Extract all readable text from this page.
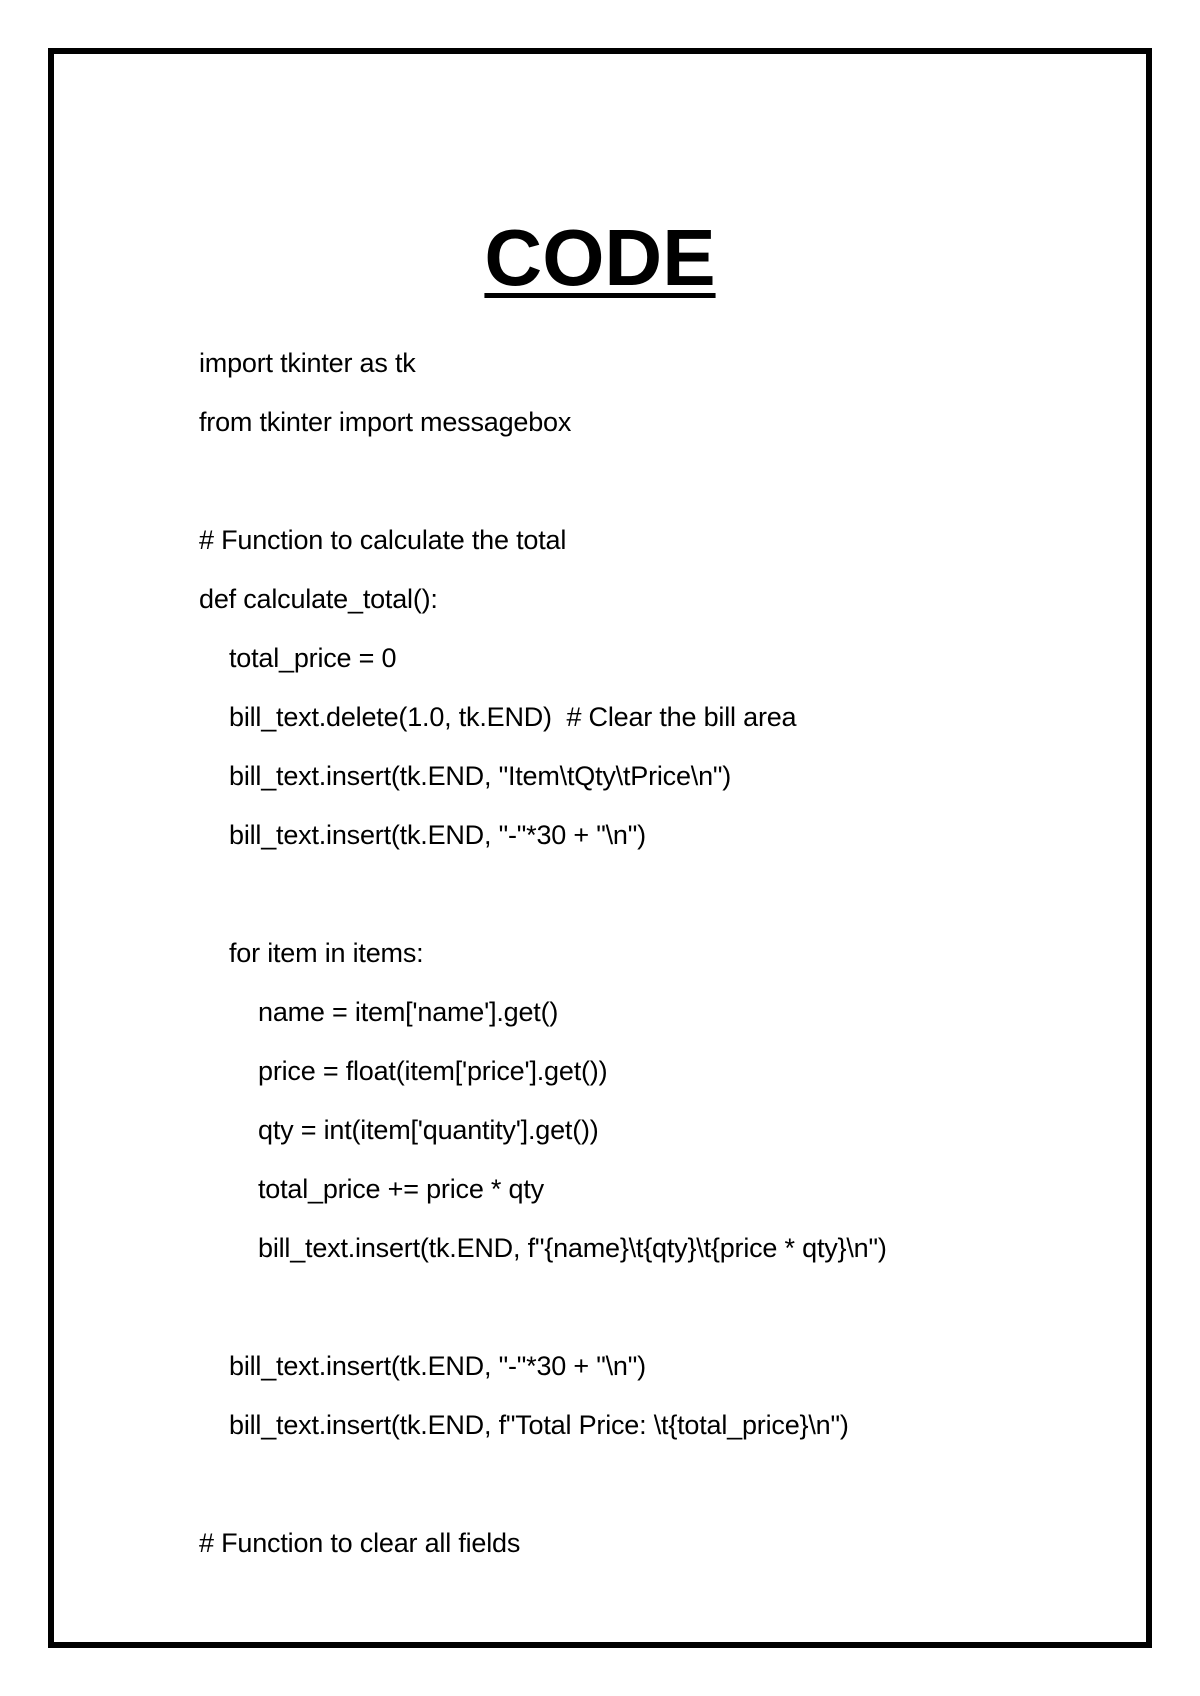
CODE
import tkinter as tk
from tkinter import messagebox
# Function to calculate the total
def calculate_total():
total_price = 0
bill_text.delete(1.0, tk.END)  # Clear the bill area
bill_text.insert(tk.END, "Item\tQty\tPrice\n")
bill_text.insert(tk.END, "-"*30 + "\n")
for item in items:
name = item['name'].get()
price = float(item['price'].get())
qty = int(item['quantity'].get())
total_price += price * qty
bill_text.insert(tk.END, f"{name}\t{qty}\t{price * qty}\n")
bill_text.insert(tk.END, "-"*30 + "\n")
bill_text.insert(tk.END, f"Total Price: \t{total_price}\n")
# Function to clear all fields
